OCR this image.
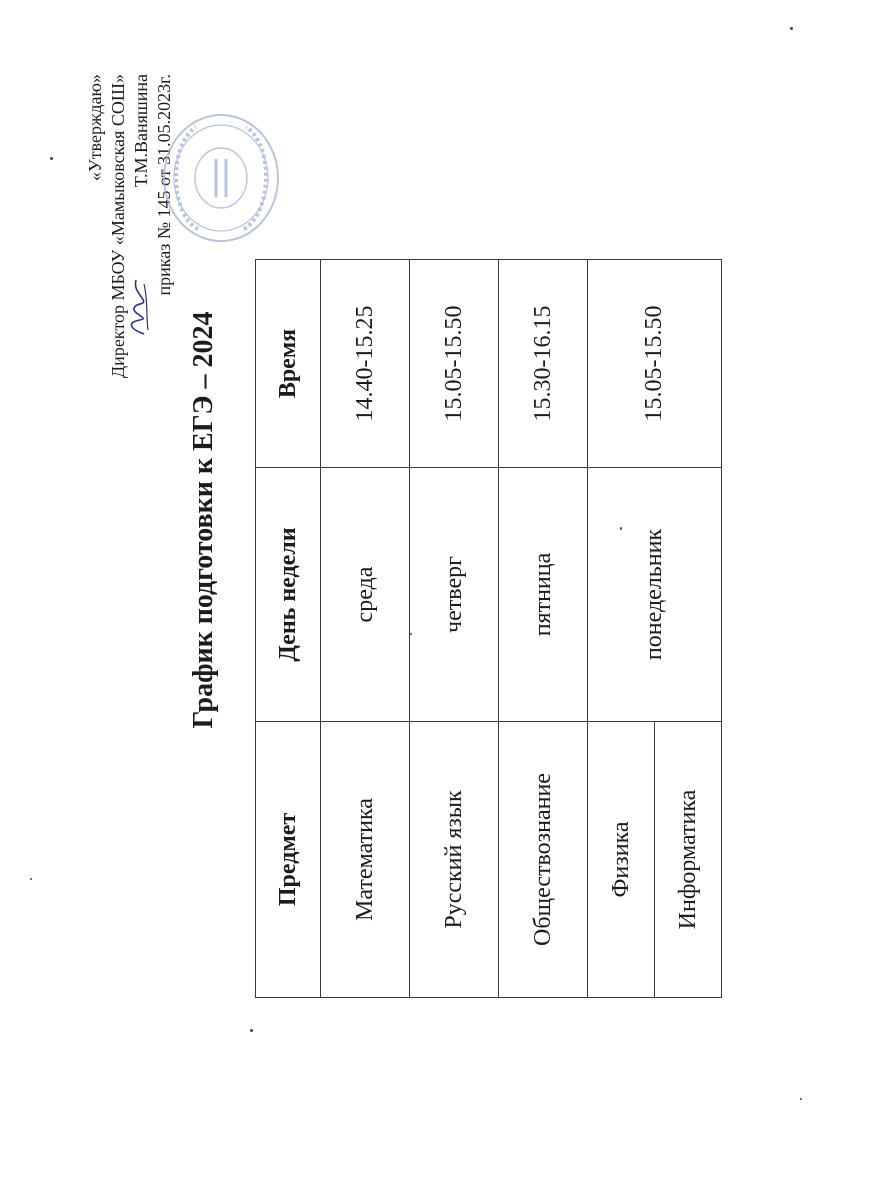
«Утверждаю» Директор МБОУ «Мамыковская СОШ» Т.М.Ваняшина приказ № 145 от 31.05.2023г.
График подготовки к ЕГЭ – 2024
Предмет	День недели	Время
Математика	среда	14.40-15.25
Русский язык	четверг	15.05-15.50
Обществознание	пятница	15.30-16.15
Физика	понедельник	15.05-15.50
Информатика		
